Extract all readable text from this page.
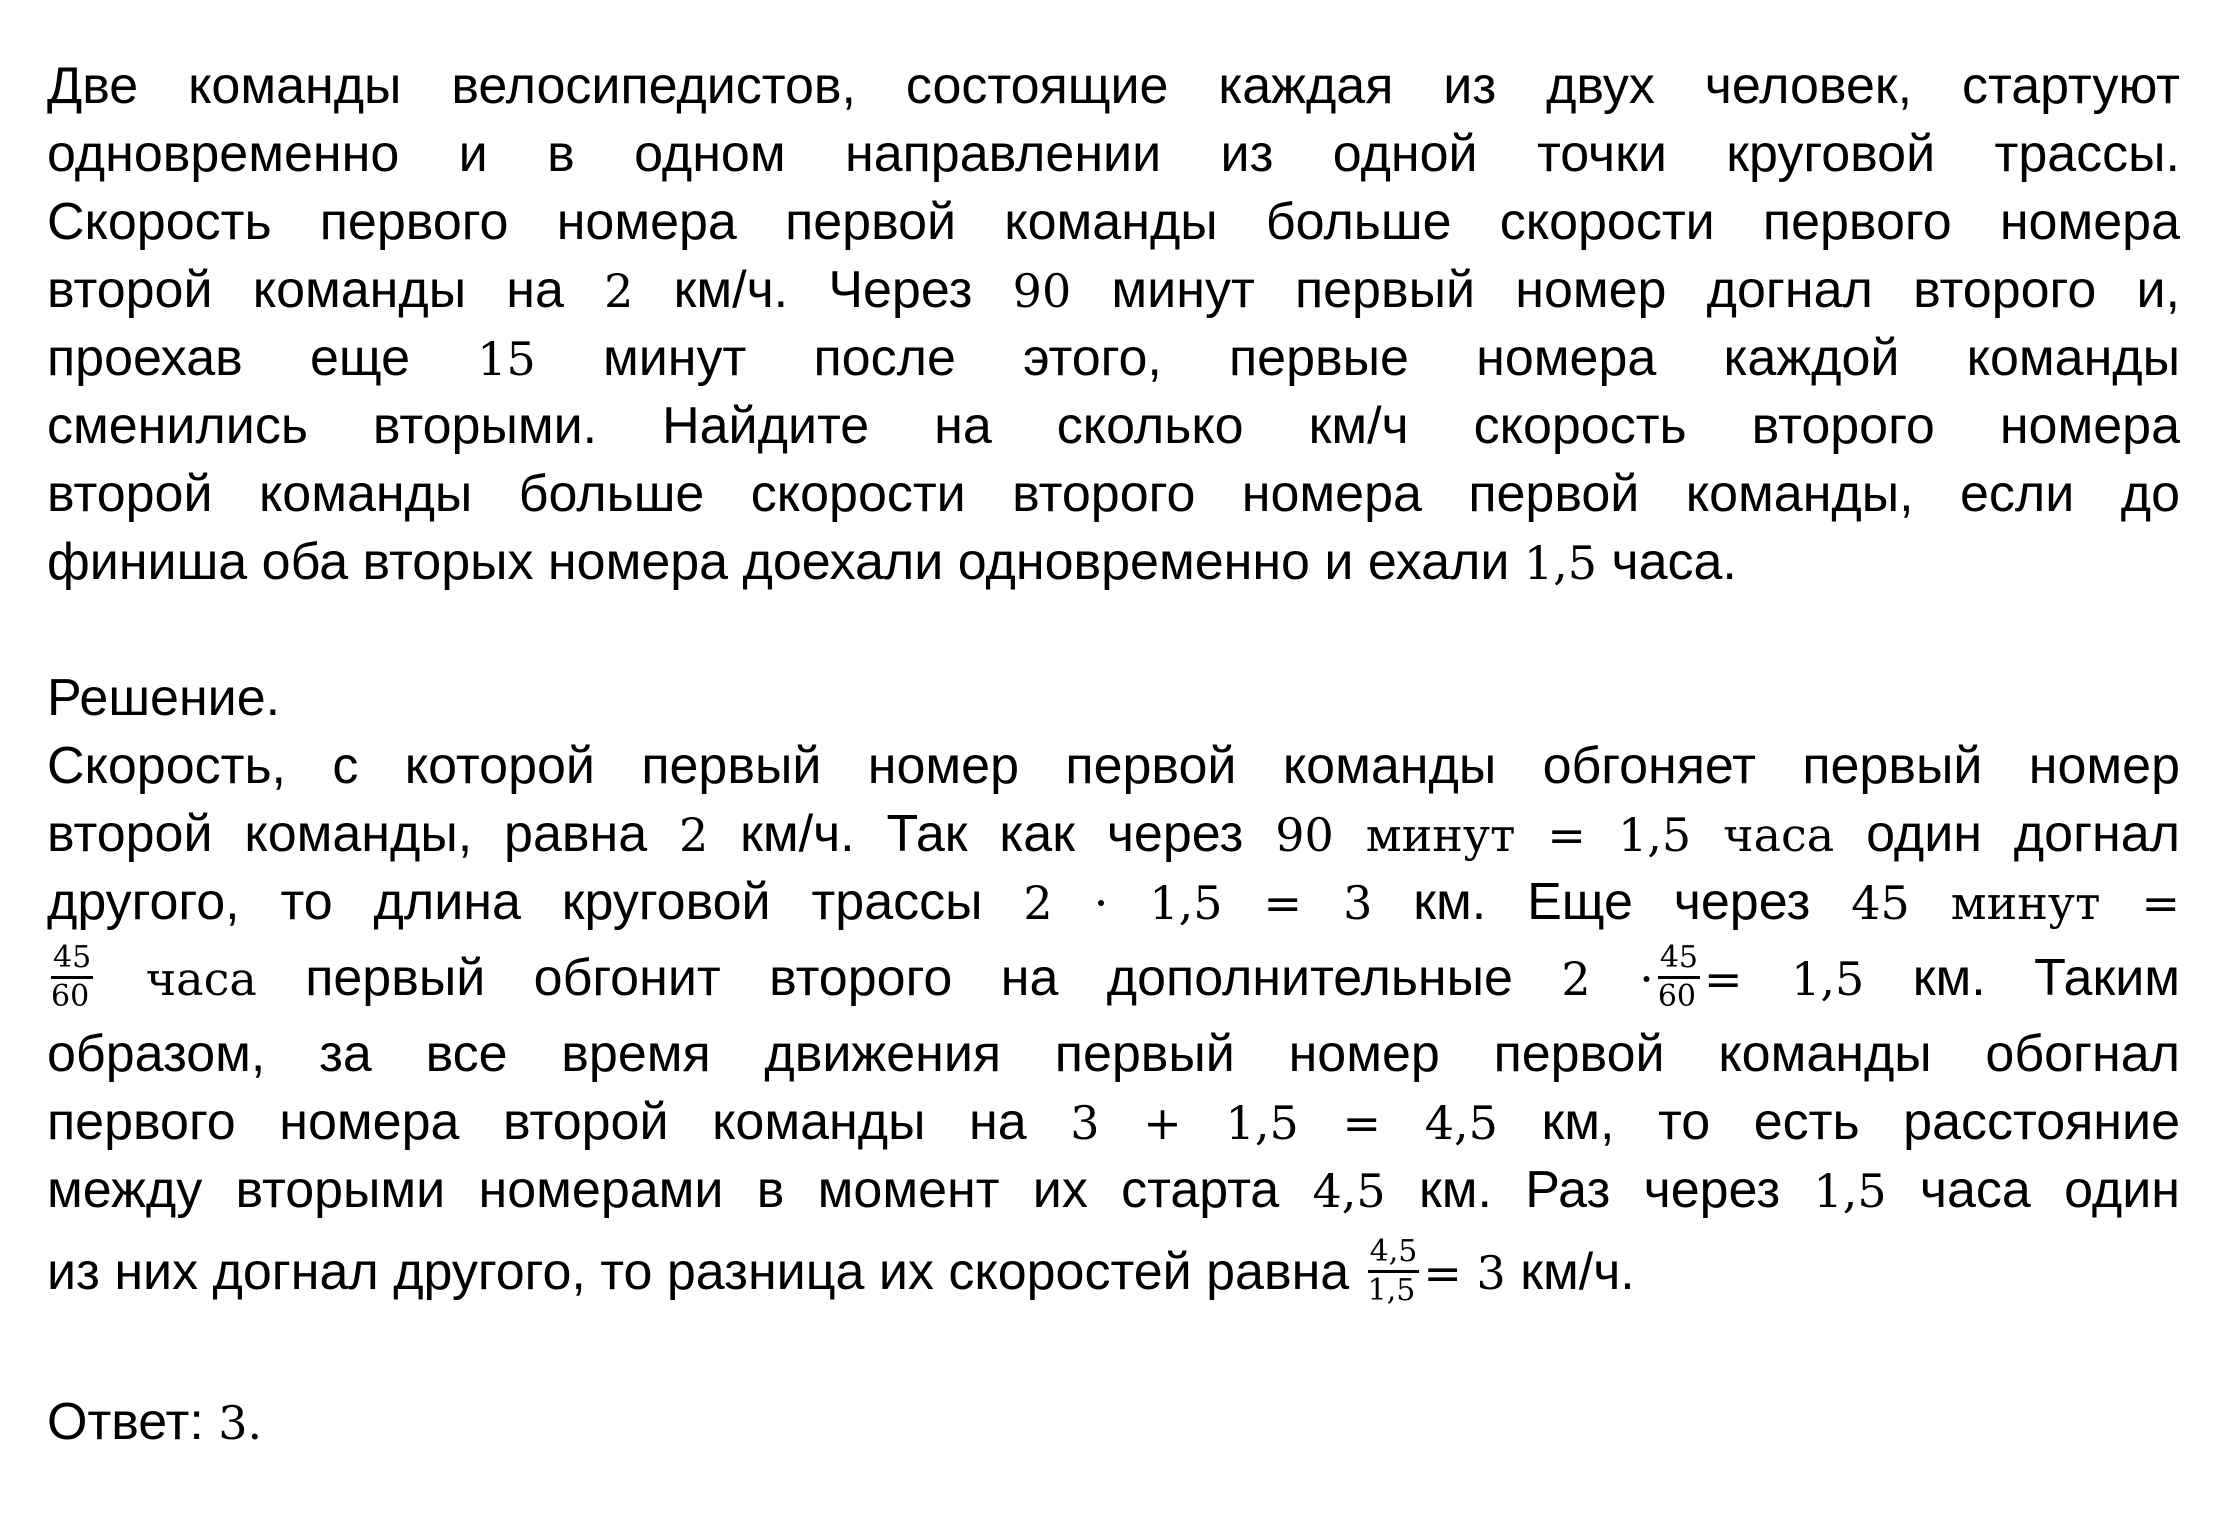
Две команды велосипедистов, состоящие каждая из двух человек, стартуют
одновременно и в одном направлении из одной точки круговой трассы.
Скорость первого номера первой команды больше скорости первого номера
второй команды на 2 км/ч. Через 90 минут первый номер догнал второго и,
проехав еще 15 минут после этого, первые номера каждой команды
сменились вторыми. Найдите на сколько км/ч скорость второго номера
второй команды больше скорости второго номера первой команды, если до
финиша оба вторых номера доехали одновременно и ехали 1,5 часа.
Решение.
Скорость, с которой первый номер первой команды обгоняет первый номер
второй команды, равна 2 км/ч. Так как через 90 минут = 1,5 часа один догнал
другого, то длина круговой трассы 2 · 1,5 = 3 км. Еще через 45 минут =
$\frac{45}{60}$ часа первый обгонит второго на дополнительные $2 \cdot \frac{45}{60} = 1,5$ км. Таким
образом, за все время движения первый номер первой команды обогнал
первого номера второй команды на 3 + 1,5 = 4,5 км, то есть расстояние
между вторыми номерами в момент их старта 4,5 км. Раз через 1,5 часа один
из них догнал другого, то разница их скоростей равна $\frac{4,5}{1,5} = 3$ км/ч.
Ответ: 3.
